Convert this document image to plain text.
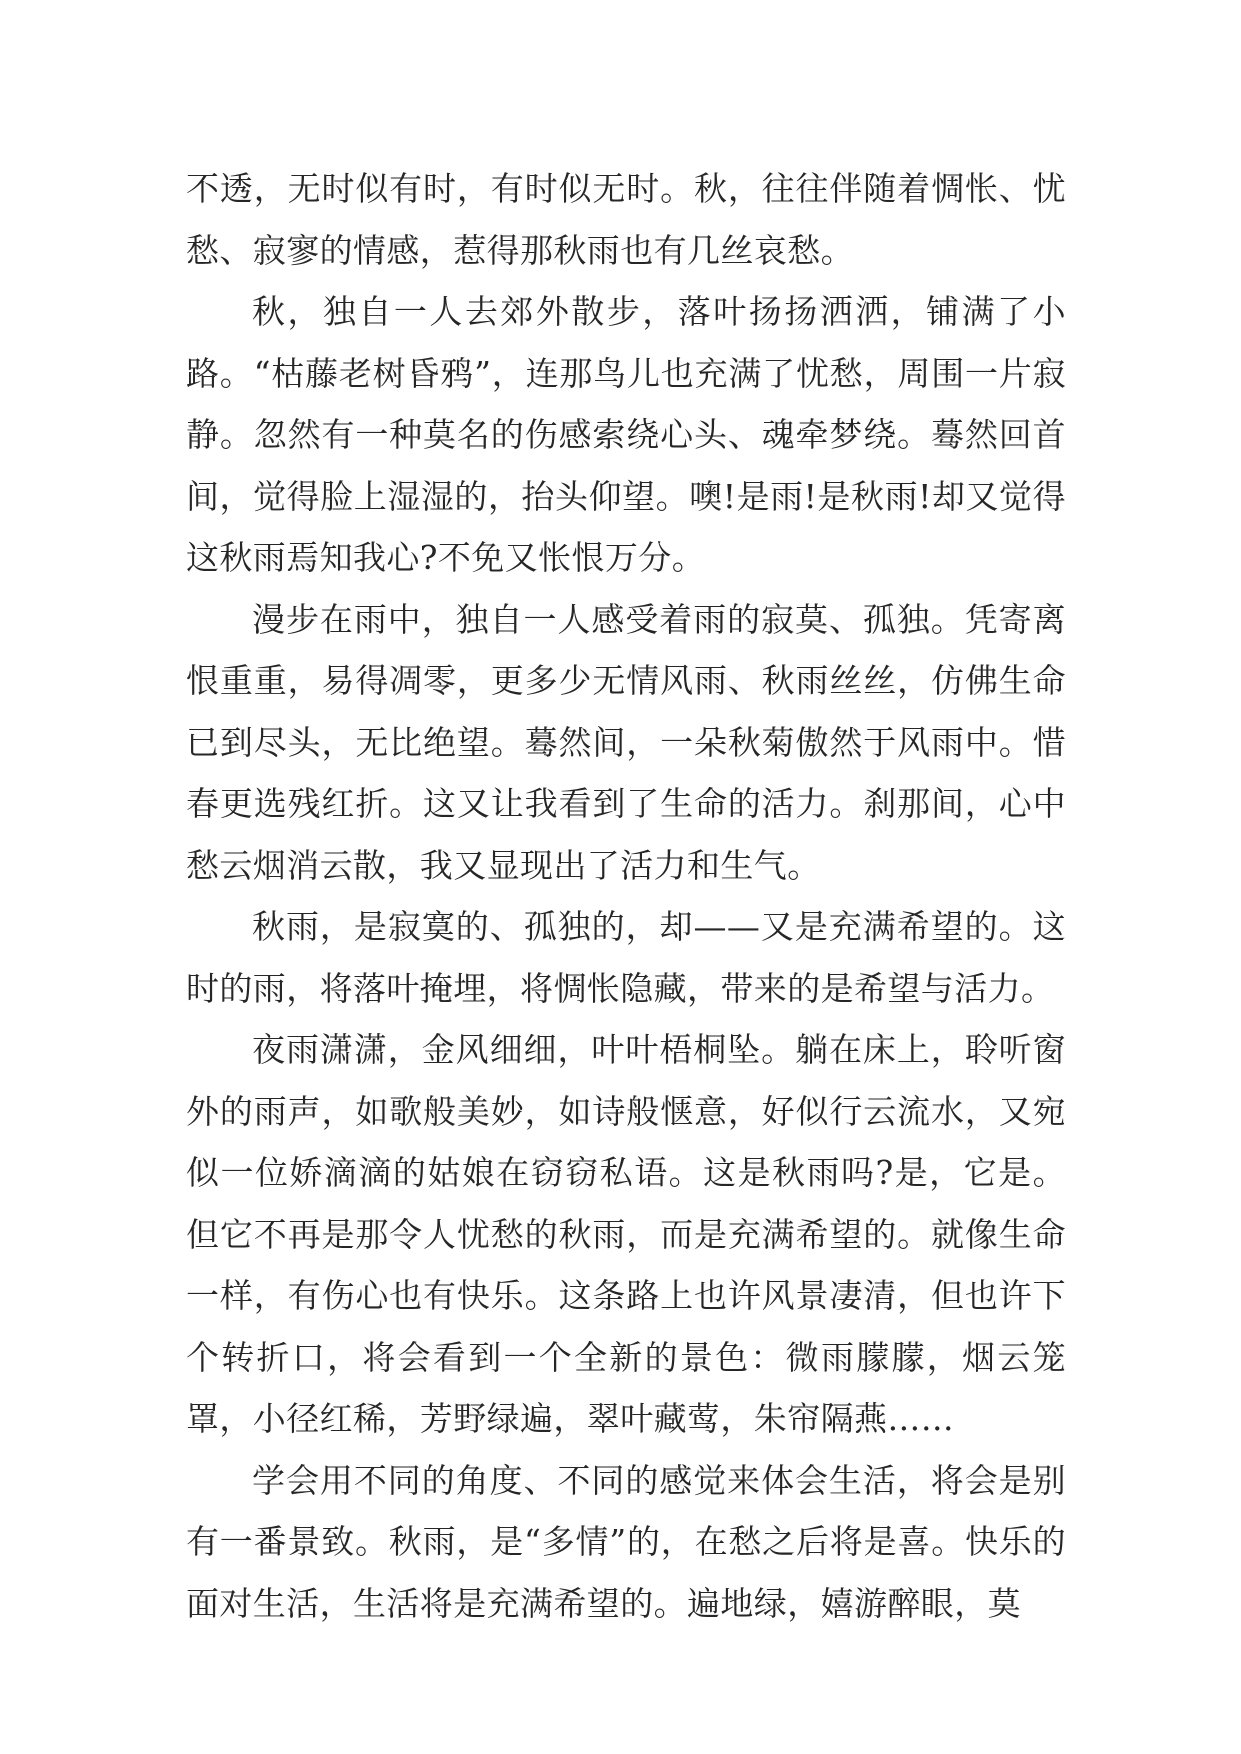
不透，无时似有时，有时似无时。秋，往往伴随着惆怅、忧愁、寂寥的情感，惹得那秋雨也有几丝哀愁。

秋，独自一人去郊外散步，落叶扬扬洒洒，铺满了小路。“枯藤老树昏鸦”，连那鸟儿也充满了忧愁，周围一片寂静。忽然有一种莫名的伤感索绕心头、魂牵梦绕。蓦然回首间，觉得脸上湿湿的，抬头仰望。噢!是雨!是秋雨!却又觉得这秋雨焉知我心?不免又怅恨万分。

漫步在雨中，独自一人感受着雨的寂莫、孤独。凭寄离恨重重，易得凋零，更多少无情风雨、秋雨丝丝，仿佛生命已到尽头，无比绝望。蓦然间，一朵秋菊傲然于风雨中。惜春更选残红折。这又让我看到了生命的活力。刹那间，心中愁云烟消云散，我又显现出了活力和生气。

秋雨，是寂寞的、孤独的，却——又是充满希望的。这时的雨，将落叶掩埋，将惆怅隐藏，带来的是希望与活力。

夜雨潇潇，金风细细，叶叶梧桐坠。躺在床上，聆听窗外的雨声，如歌般美妙，如诗般惬意，好似行云流水，又宛似一位娇滴滴的姑娘在窃窃私语。这是秋雨吗?是，它是。但它不再是那令人忧愁的秋雨，而是充满希望的。就像生命一样，有伤心也有快乐。这条路上也许风景凄清，但也许下个转折口，将会看到一个全新的景色：微雨朦朦，烟云笼罩，小径红稀，芳野绿遍，翠叶藏莺，朱帘隔燕……

学会用不同的角度、不同的感觉来体会生活，将会是别有一番景致。秋雨，是“多情”的，在愁之后将是喜。快乐的面对生活，生活将是充满希望的。遍地绿，嬉游醉眼，莫
